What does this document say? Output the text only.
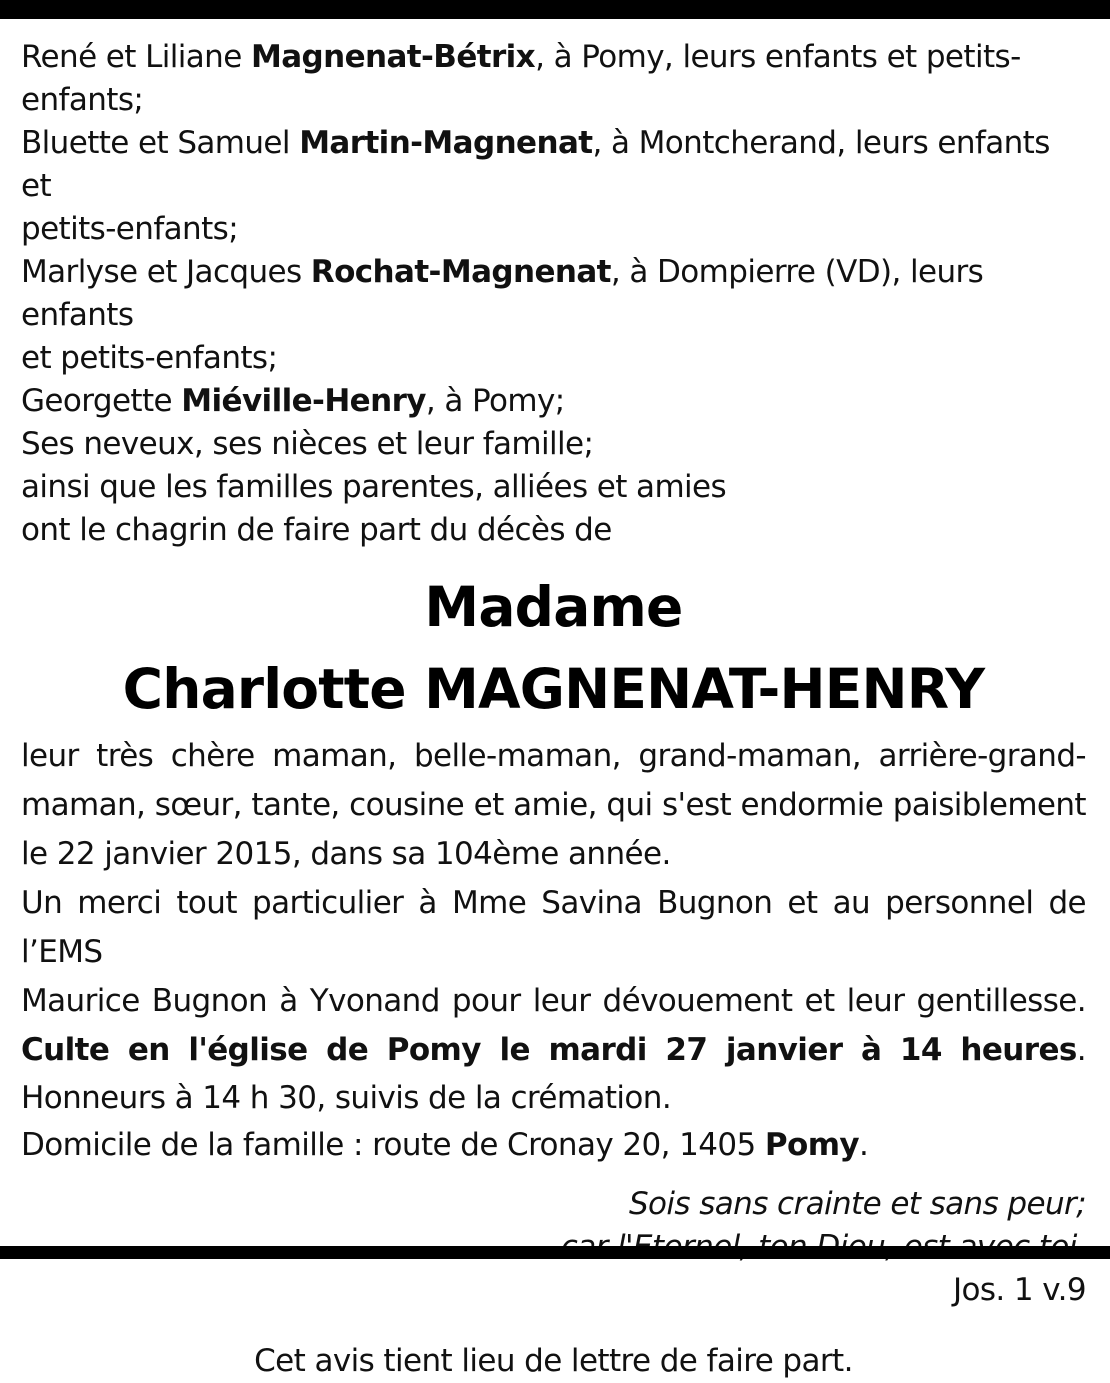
René et Liliane Magnenat-Bétrix, à Pomy, leurs enfants et petits-
enfants;
Bluette et Samuel Martin-Magnenat, à Montcherand, leurs enfants et
petits-enfants;
Marlyse et Jacques Rochat-Magnenat, à Dompierre (VD), leurs enfants
et petits-enfants;
Georgette Miéville-Henry, à Pomy;
Ses neveux, ses nièces et leur famille;
ainsi que les familles parentes, alliées et amies
ont le chagrin de faire part du décès de
Madame
Charlotte MAGNENAT-HENRY
leur très chère maman, belle-maman, grand-maman, arrière-grand-
maman, sœur, tante, cousine et amie, qui s'est endormie paisiblement
le 22 janvier 2015, dans sa 104ème année.
Un merci tout particulier à Mme Savina Bugnon et au personnel de l’EMS
Maurice Bugnon à Yvonand pour leur dévouement et leur gentillesse.
Culte en l'église de Pomy le mardi 27 janvier à 14 heures.
Honneurs à 14 h 30, suivis de la crémation.
Domicile de la famille : route de Cronay 20, 1405 Pomy.
Sois sans crainte et sans peur;
Jos. 1 v.9
Cet avis tient lieu de lettre de faire part.
